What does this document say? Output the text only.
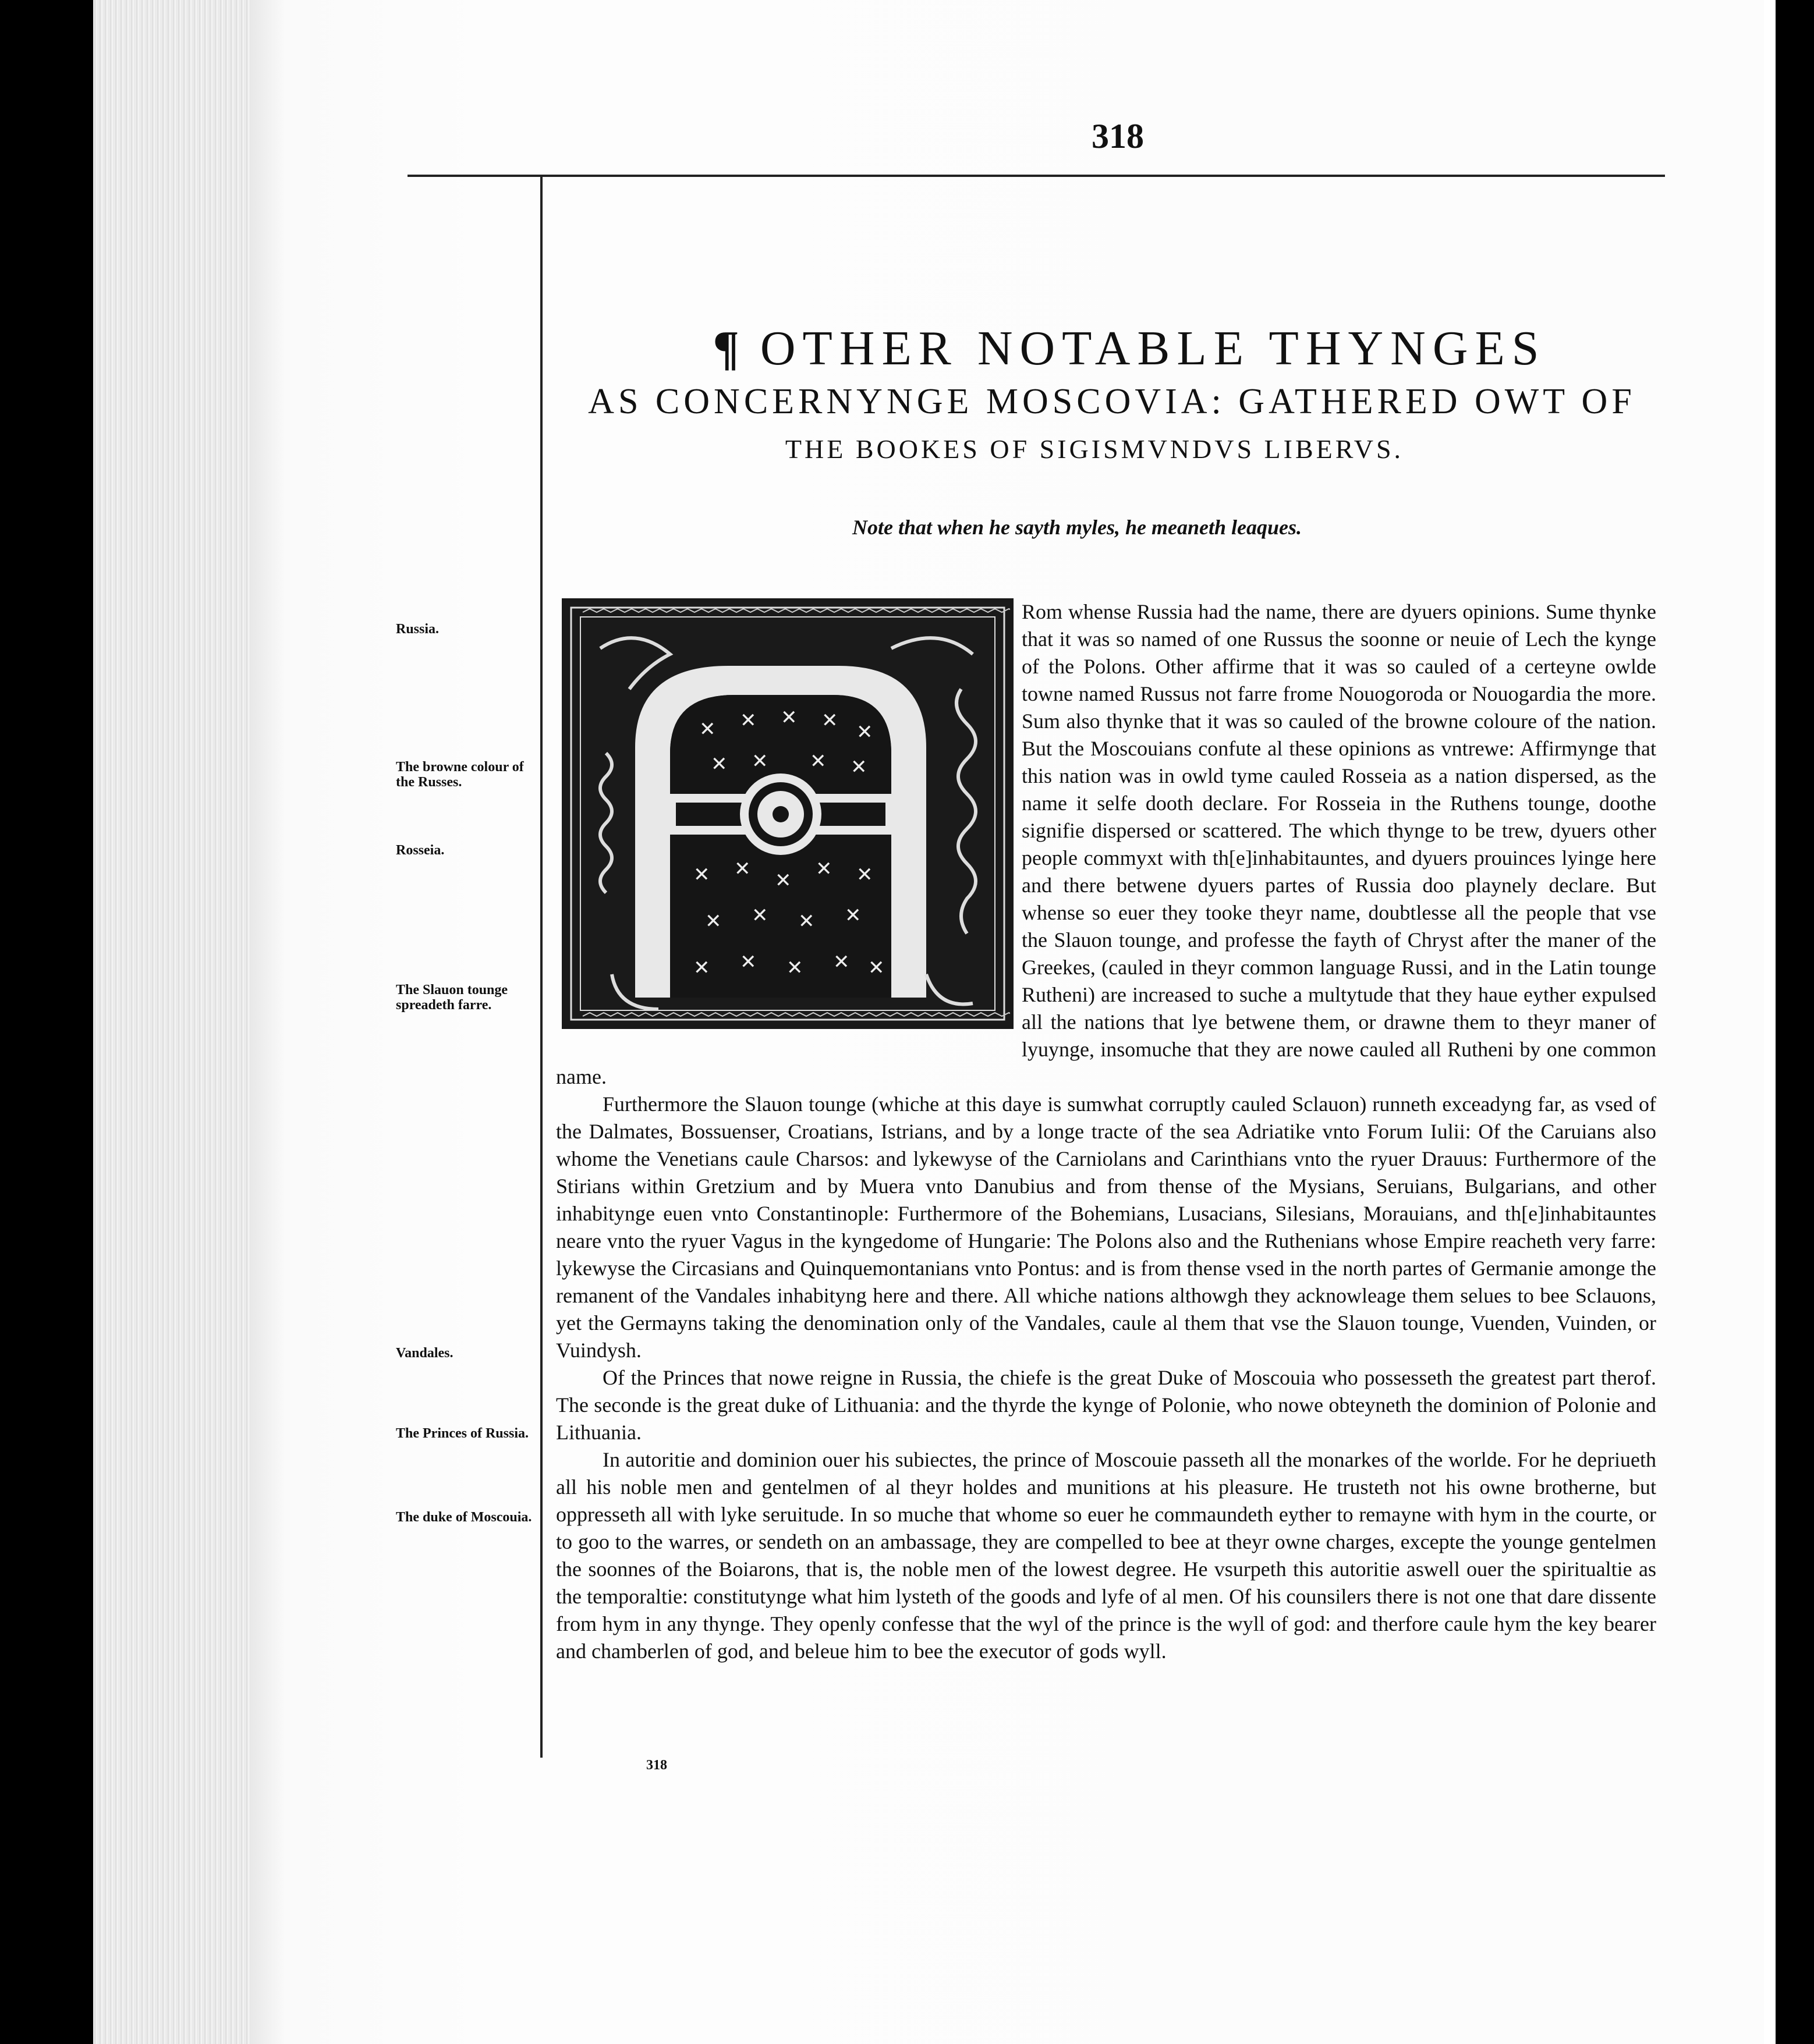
318
¶ OTHER NOTABLE THYNGES
AS CONCERNYNGE MOSCOVIA: GATHERED OWT OF
THE BOOKES OF SIGISMVNDVS LIBERVS.
Note that when he sayth myles, he meaneth leaques.
✕ ✕ ✕ ✕ ✕
✕ ✕ ✕ ✕
✕ ✕ ✕ ✕ ✕
✕ ✕ ✕ ✕
✕ ✕ ✕ ✕ ✕

Rom whense Russia had the name, there are dyuers opinions. Sume thynke that it was so named of one Russus the soonne or neuie of Lech the kynge of the Polons. Other affirme that it was so cauled of a certeyne owlde towne named Russus not farre frome Nouogoroda or Nouogardia the more. Sum also thynke that it was so cauled of the browne coloure of the nation. But the Moscouians confute al these opinions as vntrewe: Affirmynge that this nation was in owld tyme cauled Rosseia as a nation dispersed, as the name it selfe dooth declare. For Rosseia in the Ruthens tounge, doothe signifie dispersed or scattered. The which thynge to be trew, dyuers other people commyxt with th[e]inhabitauntes, and dyuers prouinces lyinge here and there betwene dyuers partes of Russia doo playnely declare. But whense so euer they tooke theyr name, doubtlesse all the people that vse the Slauon tounge, and professe the fayth of Chryst after the maner of the Greekes, (cauled in theyr common language Russi, and in the Latin tounge Rutheni) are increased to suche a multytude that they haue eyther expulsed all the nations that lye betwene them, or drawne them to theyr maner of lyuynge, insomuche that they are nowe cauled all Rutheni by one common name.

Furthermore the Slauon tounge (whiche at this daye is sumwhat corruptly cauled Sclauon) runneth exceadyng far, as vsed of the Dalmates, Bossuenser, Croatians, Istrians, and by a longe tracte of the sea Adriatike vnto Forum Iulii: Of the Caruians also whome the Venetians caule Charsos: and lykewyse of the Carniolans and Carinthians vnto the ryuer Drauus: Furthermore of the Stirians within Gretzium and by Muera vnto Danubius and from thense of the Mysians, Seruians, Bulgarians, and other inhabitynge euen vnto Constantinople: Furthermore of the Bohemians, Lusacians, Silesians, Morauians, and th[e]inhabitauntes neare vnto the ryuer Vagus in the kyngedome of Hungarie: The Polons also and the Ruthenians whose Empire reacheth very farre: lykewyse the Circasians and Quinquemontanians vnto Pontus: and is from thense vsed in the north partes of Germanie amonge the remanent of the Vandales inhabityng here and there. All whiche nations althowgh they acknowleage them selues to bee Sclauons, yet the Germayns taking the denomination only of the Vandales, caule al them that vse the Slauon tounge, Vuenden, Vuinden, or Vuindysh.

Of the Princes that nowe reigne in Russia, the chiefe is the great Duke of Moscouia who possesseth the greatest part therof. The seconde is the great duke of Lithuania: and the thyrde the kynge of Polonie, who nowe obteyneth the dominion of Polonie and Lithuania.

In autoritie and dominion ouer his subiectes, the prince of Moscouie passeth all the monarkes of the worlde. For he depriueth all his noble men and gentelmen of al theyr holdes and munitions at his pleasure. He trusteth not his owne brotherne, but oppresseth all with lyke seruitude. In so muche that whome so euer he commaundeth eyther to remayne with hym in the courte, or to goo to the warres, or sendeth on an ambassage, they are compelled to bee at theyr owne charges, excepte the younge gentelmen the soonnes of the Boiarons, that is, the noble men of the lowest degree. He vsurpeth this autoritie aswell ouer the spiritualtie as the temporaltie: constitutynge what him lysteth of the goods and lyfe of al men. Of his counsilers there is not one that dare dissente from hym in any thynge. They openly confesse that the wyl of the prince is the wyll of god: and therfore caule hym the key bearer and chamberlen of god, and beleue him to bee the executor of gods wyll.

Russia.
The browne colour of the Russes.
Rosseia.
The Slauon tounge spreadeth farre.
Vandales.
The Princes of Russia.
The duke of Moscouia.
318
